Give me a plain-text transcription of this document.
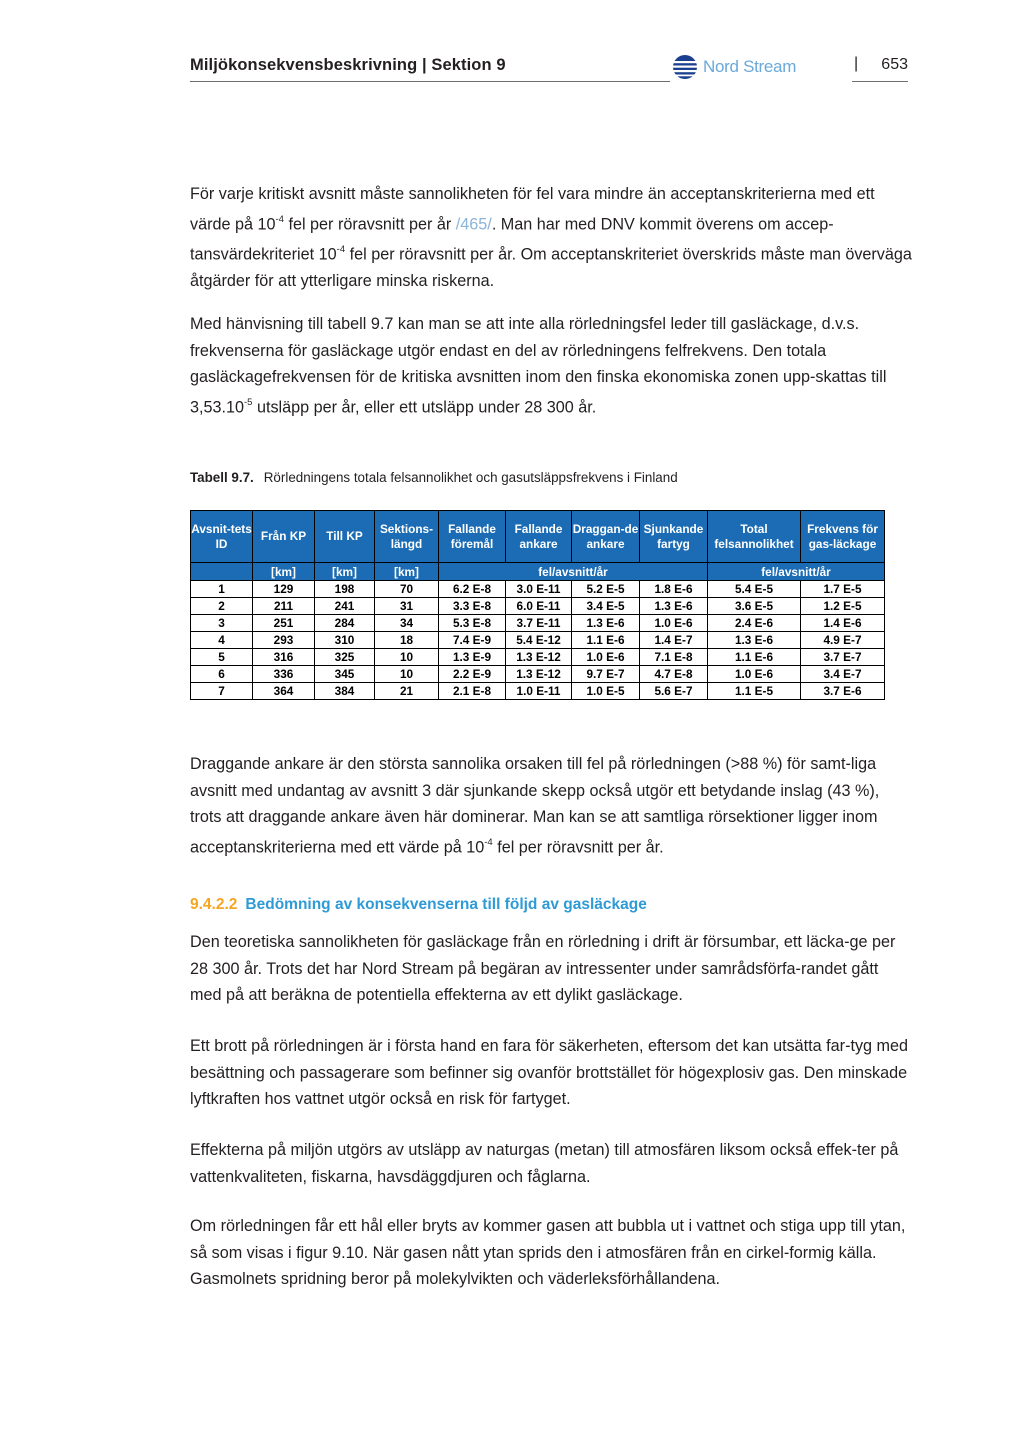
Miljökonsekvensbeskrivning | Sektion 9	Nord Stream	| 653

För varje kritiskt avsnitt måste sannolikheten för fel vara mindre än acceptanskriterierna med ett värde på $10^{-4}$ fel per röravsnitt per år /465/. Man har med DNV kommit överens om accep-tansvärdekriteriet $10^{-4}$ fel per röravsnitt per år. Om acceptanskriteriet överskrids måste man överväga åtgärder för att ytterligare minska riskerna.

Med hänvisning till tabell 9.7 kan man se att inte alla rörledningsfel leder till gasläckage, d.v.s. frekvenserna för gasläckage utgör endast en del av rörledningens felfrekvens. Den totala gasläckagefrekvensen för de kritiska avsnitten inom den finska ekonomiska zonen upp-skattas till $3,53.10^{-5}$ utsläpp per år, eller ett utsläpp under 28 300 år.

Tabell 9.7. Rörledningens totala felsannolikhet och gasutsläppsfrekvens i Finland
Avsnit-tets ID	Från KP	Till KP	Sektions-längd	Fallande föremål	Fallande ankare	Draggan-de ankare	Sjunkande fartyg	Total felsannolikhet	Frekvens för gas-läckage
	[km]	[km]	[km]	fel/avsnitt/år				fel/avsnitt/år	
1	129	198	70	6.2 E-8	3.0 E-11	5.2 E-5	1.8 E-6	5.4 E-5	1.7 E-5
2	211	241	31	3.3 E-8	6.0 E-11	3.4 E-5	1.3 E-6	3.6 E-5	1.2 E-5
3	251	284	34	5.3 E-8	3.7 E-11	1.3 E-6	1.0 E-6	2.4 E-6	1.4 E-6
4	293	310	18	7.4 E-9	5.4 E-12	1.1 E-6	1.4 E-7	1.3 E-6	4.9 E-7
5	316	325	10	1.3 E-9	1.3 E-12	1.0 E-6	7.1 E-8	1.1 E-6	3.7 E-7
6	336	345	10	2.2 E-9	1.3 E-12	9.7 E-7	4.7 E-8	1.0 E-6	3.4 E-7
7	364	384	21	2.1 E-8	1.0 E-11	1.0 E-5	5.6 E-7	1.1 E-5	3.7 E-6

Draggande ankare är den största sannolika orsaken till fel på rörledningen (>88 %) för samt-liga avsnitt med undantag av avsnitt 3 där sjunkande skepp också utgör ett betydande inslag (43 %), trots att draggande ankare även här dominerar. Man kan se att samtliga rörsektioner ligger inom acceptanskriterierna med ett värde på $10^{-4}$ fel per röravsnitt per år.

9.4.2.2 Bedömning av konsekvenserna till följd av gasläckage

Den teoretiska sannolikheten för gasläckage från en rörledning i drift är försumbar, ett läcka-ge per 28 300 år. Trots det har Nord Stream på begäran av intressenter under samrådsförfa-randet gått med på att beräkna de potentiella effekterna av ett dylikt gasläckage.

Ett brott på rörledningen är i första hand en fara för säkerheten, eftersom det kan utsätta far-tyg med besättning och passagerare som befinner sig ovanför brottstället för högexplosiv gas. Den minskade lyftkraften hos vattnet utgör också en risk för fartyget.

Effekterna på miljön utgörs av utsläpp av naturgas (metan) till atmosfären liksom också effek-ter på vattenkvaliteten, fiskarna, havsdäggdjuren och fåglarna.

Om rörledningen får ett hål eller bryts av kommer gasen att bubbla ut i vattnet och stiga upp till ytan, så som visas i figur 9.10. När gasen nått ytan sprids den i atmosfären från en cirkel-formig källa. Gasmolnets spridning beror på molekylvikten och väderleksförhållandena.
